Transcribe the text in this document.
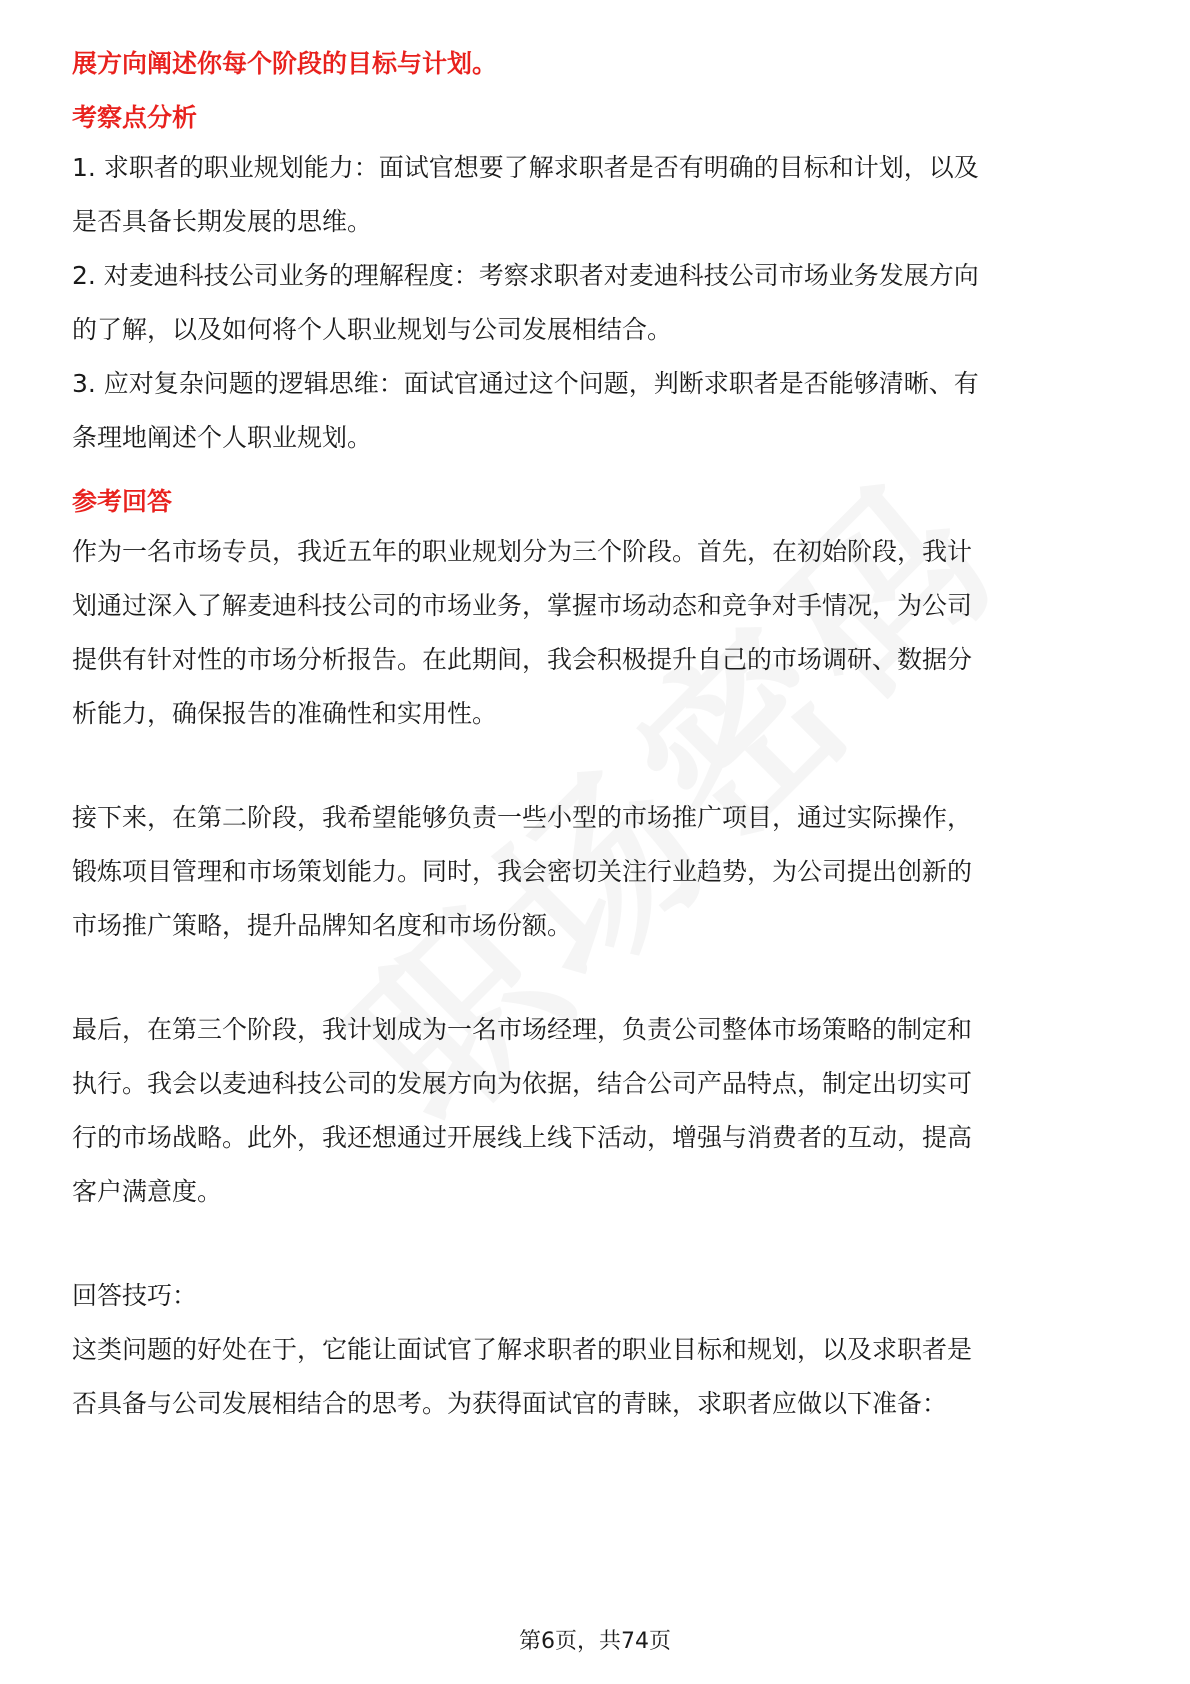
展方向阐述你每个阶段的目标与计划。
考察点分析
1. 求职者的职业规划能力：面试官想要了解求职者是否有明确的目标和计划，以及
是否具备长期发展的思维。
2. 对麦迪科技公司业务的理解程度：考察求职者对麦迪科技公司市场业务发展方向
的了解，以及如何将个人职业规划与公司发展相结合。
3. 应对复杂问题的逻辑思维：面试官通过这个问题，判断求职者是否能够清晰、有
条理地阐述个人职业规划。
参考回答
作为一名市场专员，我近五年的职业规划分为三个阶段。首先，在初始阶段，我计
划通过深入了解麦迪科技公司的市场业务，掌握市场动态和竞争对手情况，为公司
提供有针对性的市场分析报告。在此期间，我会积极提升自己的市场调研、数据分
析能力，确保报告的准确性和实用性。
接下来，在第二阶段，我希望能够负责一些小型的市场推广项目，通过实际操作，
锻炼项目管理和市场策划能力。同时，我会密切关注行业趋势，为公司提出创新的
市场推广策略，提升品牌知名度和市场份额。
最后，在第三个阶段，我计划成为一名市场经理，负责公司整体市场策略的制定和
执行。我会以麦迪科技公司的发展方向为依据，结合公司产品特点，制定出切实可
行的市场战略。此外，我还想通过开展线上线下活动，增强与消费者的互动，提高
客户满意度。
回答技巧：
这类问题的好处在于，它能让面试官了解求职者的职业目标和规划，以及求职者是
否具备与公司发展相结合的思考。为获得面试官的青睐，求职者应做以下准备：
第6页，共74页
